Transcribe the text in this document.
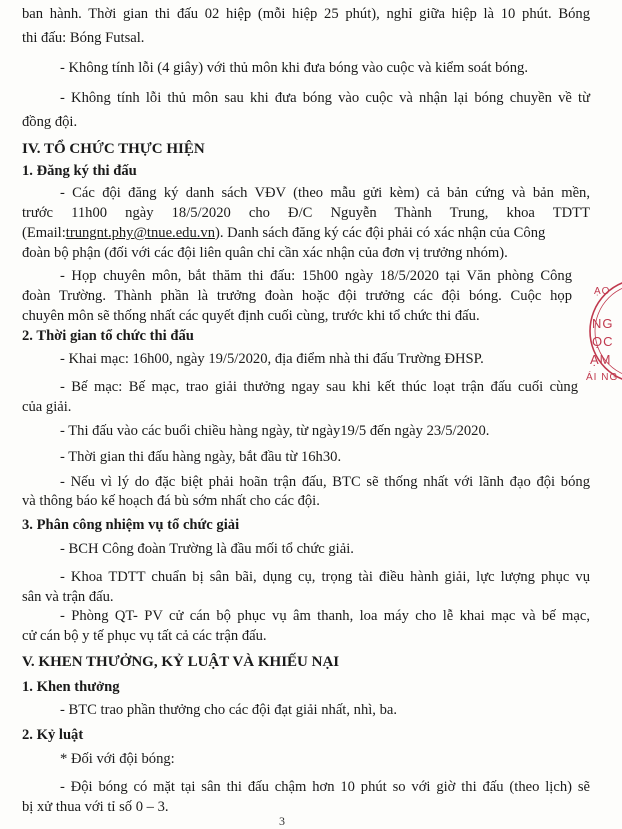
ban hành. Thời gian thi đấu 02 hiệp (mỗi hiệp 25 phút), nghỉ giữa hiệp là 10 phút. Bóng
thi đấu: Bóng Futsal.
- Không tính lỗi (4 giây) với thủ môn khi đưa bóng vào cuộc và kiểm soát bóng.
- Không tính lỗi thủ môn sau khi đưa bóng vào cuộc và nhận lại bóng chuyền về từ
đồng đội.
IV. TỔ CHỨC THỰC HIỆN
1. Đăng ký thi đấu
- Các đội đăng ký danh sách VĐV (theo mẫu gửi kèm) cả bản cứng và bản mền,
trước 11h00 ngày 18/5/2020 cho Đ/C Nguyễn Thành Trung, khoa TDTT
(Email:trungnt.phy@tnue.edu.vn). Danh sách đăng ký các đội phải có xác nhận của Công
đoàn bộ phận (đối với các đội liên quân chỉ cần xác nhận của đơn vị trưởng nhóm).
- Họp chuyên môn, bắt thăm thi đấu: 15h00 ngày 18/5/2020 tại Văn phòng Công
đoàn Trường. Thành phần là trưởng đoàn hoặc đội trưởng các đội bóng. Cuộc họp
chuyên môn sẽ thống nhất các quyết định cuối cùng, trước khi tổ chức thi đấu.
2. Thời gian tổ chức thi đấu
- Khai mạc: 16h00, ngày 19/5/2020, địa điểm nhà thi đấu Trường ĐHSP.
- Bế mạc: Bế mạc, trao giải thưởng ngay sau khi kết thúc loạt trận đấu cuối cùng
của giải.
- Thi đấu vào các buổi chiều hàng ngày, từ ngày19/5 đến ngày 23/5/2020.
- Thời gian thi đấu hàng ngày, bắt đầu từ 16h30.
- Nếu vì lý do đặc biệt phải hoãn trận đấu, BTC sẽ thống nhất với lãnh đạo đội bóng
và thông báo kế hoạch đá bù sớm nhất cho các đội.
3. Phân công nhiệm vụ tổ chức giải
- BCH Công đoàn Trường là đầu mối tổ chức giải.
- Khoa TDTT chuẩn bị sân bãi, dụng cụ, trọng tài điều hành giải, lực lượng phục vụ
sân và trận đấu.
- Phòng QT- PV cử cán bộ phục vụ âm thanh, loa máy cho lễ khai mạc và bế mạc,
cử cán bộ y tế phục vụ tất cả các trận đấu.
V. KHEN THƯỞNG, KỶ LUẬT VÀ KHIẾU NẠI
1. Khen thưởng
- BTC trao phần thưởng cho các đội đạt giải nhất, nhì, ba.
2. Kỷ luật
* Đối với đội bóng:
- Đội bóng có mặt tại sân thi đấu chậm hơn 10 phút so với giờ thi đấu (theo lịch) sẽ
bị xử thua với tỉ số 0 – 3.
3
ẠO
NG
ỌC
ẠM
ÁI NG
